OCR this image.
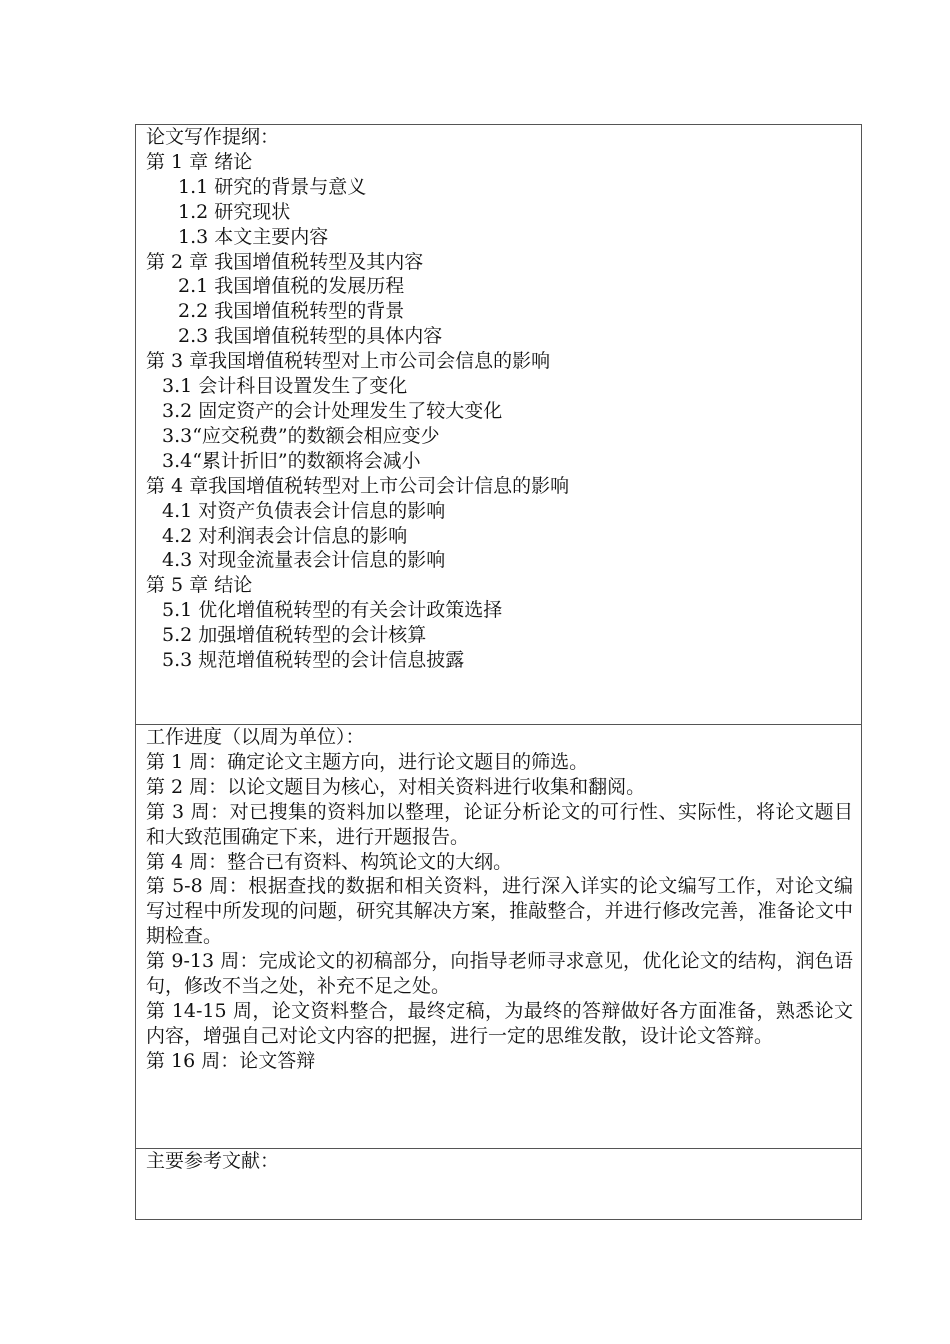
论文写作提纲：

第 1 章 绪论

1.1 研究的背景与意义

1.2 研究现状

1.3 本文主要内容

第 2 章 我国增值税转型及其内容

2.1 我国增值税的发展历程

2.2 我国增值税转型的背景

2.3 我国增值税转型的具体内容

第 3 章我国增值税转型对上市公司会信息的影响

3.1 会计科目设置发生了变化

3.2 固定资产的会计处理发生了较大变化

3.3“应交税费”的数额会相应变少

3.4“累计折旧”的数额将会减小

第 4 章我国增值税转型对上市公司会计信息的影响

4.1 对资产负债表会计信息的影响

4.2 对利润表会计信息的影响

4.3 对现金流量表会计信息的影响

第 5 章 结论

5.1 优化增值税转型的有关会计政策选择

5.2 加强增值税转型的会计核算

5.3 规范增值税转型的会计信息披露

工作进度（以周为单位）：

第 1 周：确定论文主题方向，进行论文题目的筛选。

第 2 周：以论文题目为核心，对相关资料进行收集和翻阅。

第 3 周：对已搜集的资料加以整理，论证分析论文的可行性、实际性，将论文题目和大致范围确定下来，进行开题报告。

第 4 周：整合已有资料、构筑论文的大纲。

第 5-8 周：根据查找的数据和相关资料，进行深入详实的论文编写工作，对论文编写过程中所发现的问题，研究其解决方案，推敲整合，并进行修改完善，准备论文中期检查。

第 9-13 周：完成论文的初稿部分，向指导老师寻求意见，优化论文的结构，润色语句，修改不当之处，补充不足之处。

第 14-15 周，论文资料整合，最终定稿，为最终的答辩做好各方面准备，熟悉论文内容，增强自己对论文内容的把握，进行一定的思维发散，设计论文答辩。

第 16 周：论文答辩

主要参考文献：
